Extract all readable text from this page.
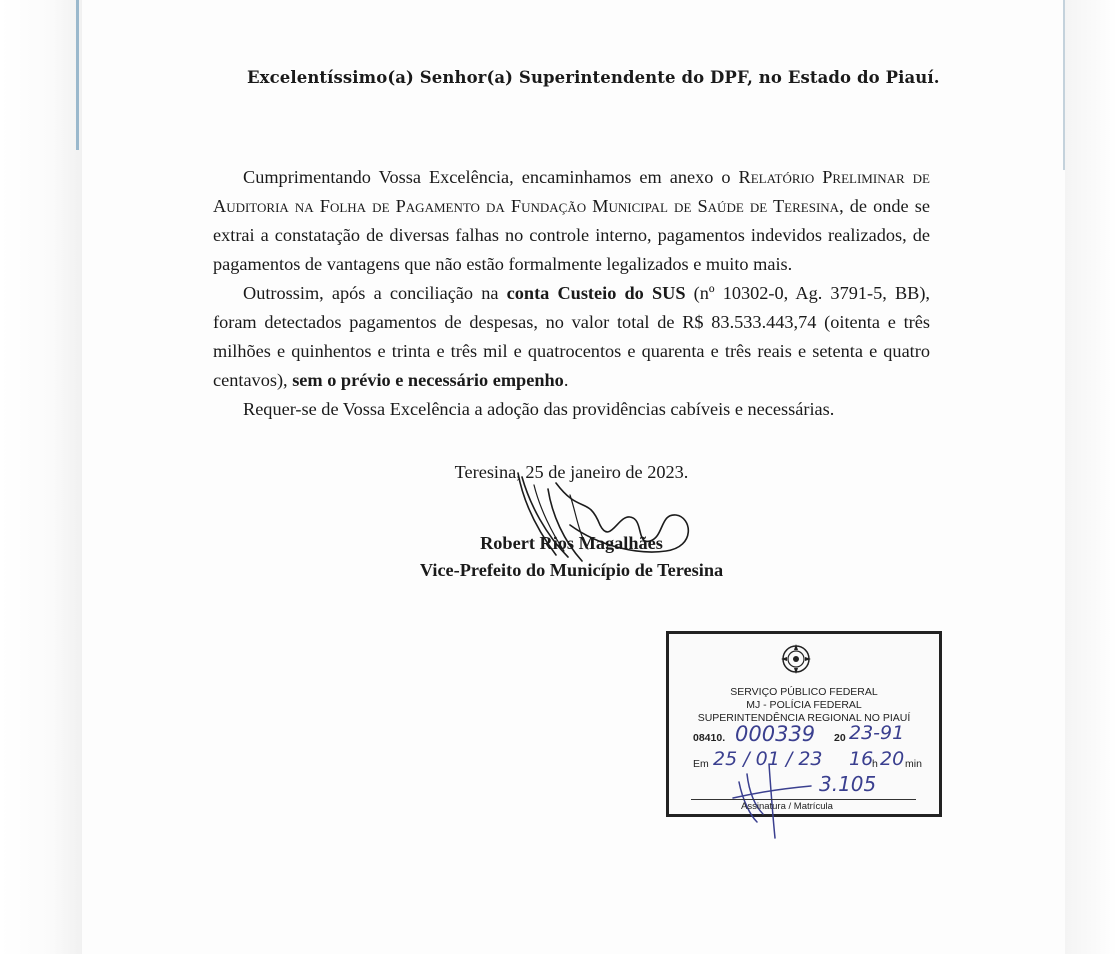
Excelentíssimo(a) Senhor(a) Superintendente do DPF, no Estado do Piauí.

Cumprimentando Vossa Excelência, encaminhamos em anexo o Relatório Preliminar de Auditoria na Folha de Pagamento da Fundação Municipal de Saúde de Teresina, de onde se extrai a constatação de diversas falhas no controle interno, pagamentos indevidos realizados, de pagamentos de vantagens que não estão formalmente legalizados e muito mais.

Outrossim, após a conciliação na conta Custeio do SUS (nº 10302-0, Ag. 3791-5, BB), foram detectados pagamentos de despesas, no valor total de R$ 83.533.443,74 (oitenta e três milhões e quinhentos e trinta e três mil e quatrocentos e quarenta e três reais e setenta e quatro centavos), sem o prévio e necessário empenho.

Requer-se de Vossa Excelência a adoção das providências cabíveis e necessárias.

Teresina, 25 de janeiro de 2023.
Robert Rios Magalhães
Vice-Prefeito do Município de Teresina
SERVIÇO PÚBLICO FEDERAL
MJ - POLÍCIA FEDERAL
SUPERINTENDÊNCIA REGIONAL NO PIAUÍ
08410. 000339 20 23-91
Em 25 / 01 / 23 16
h 20 min
3.105
Assinatura / Matrícula
